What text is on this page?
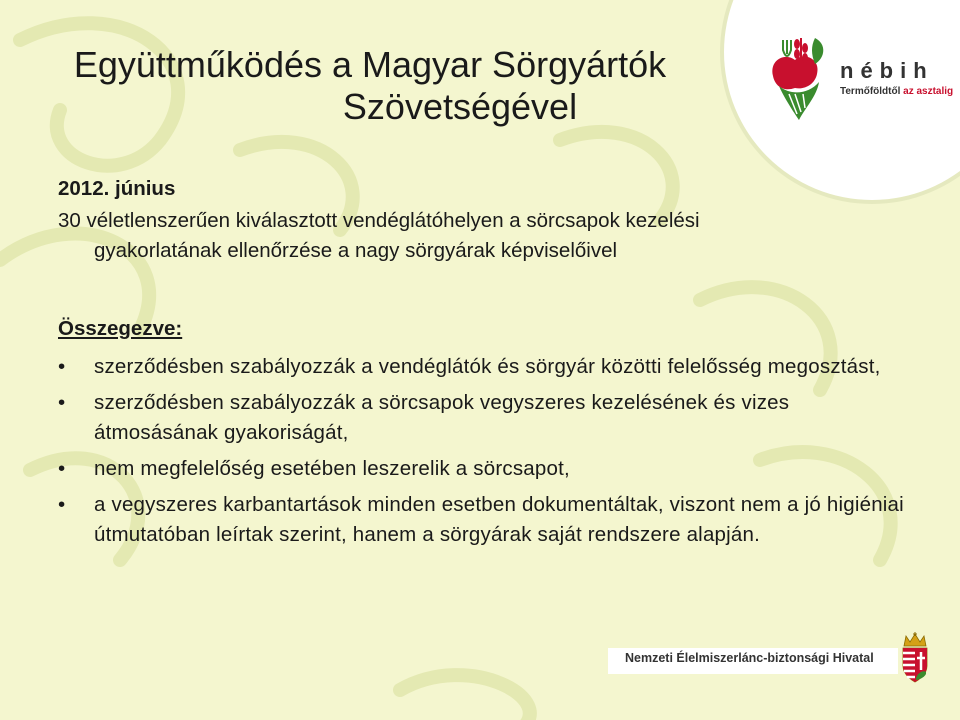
Együttműködés a Magyar Sörgyártók
Szövetségével
nébih
Termőföldtől az asztalig
2012. június

30 véletlenszerűen kiválasztott vendéglátóhelyen a sörcsapok kezelési
gyakorlatának ellenőrzése a nagy sörgyárak képviselőivel

Összegezve:
•	szerződésben szabályozzák a vendéglátók és sörgyár közötti felelősség megosztást,
•	szerződésben szabályozzák a sörcsapok vegyszeres kezelésének és vizes átmosásának gyakoriságát,
•	nem megfelelőség esetében leszerelik a sörcsapot,
•	a vegyszeres karbantartások minden esetben dokumentáltak, viszont nem a jó higiéniai útmutatóban leírtak szerint, hanem a sörgyárak saját rendszere alapján.
Nemzeti Élelmiszerlánc-biztonsági Hivatal
